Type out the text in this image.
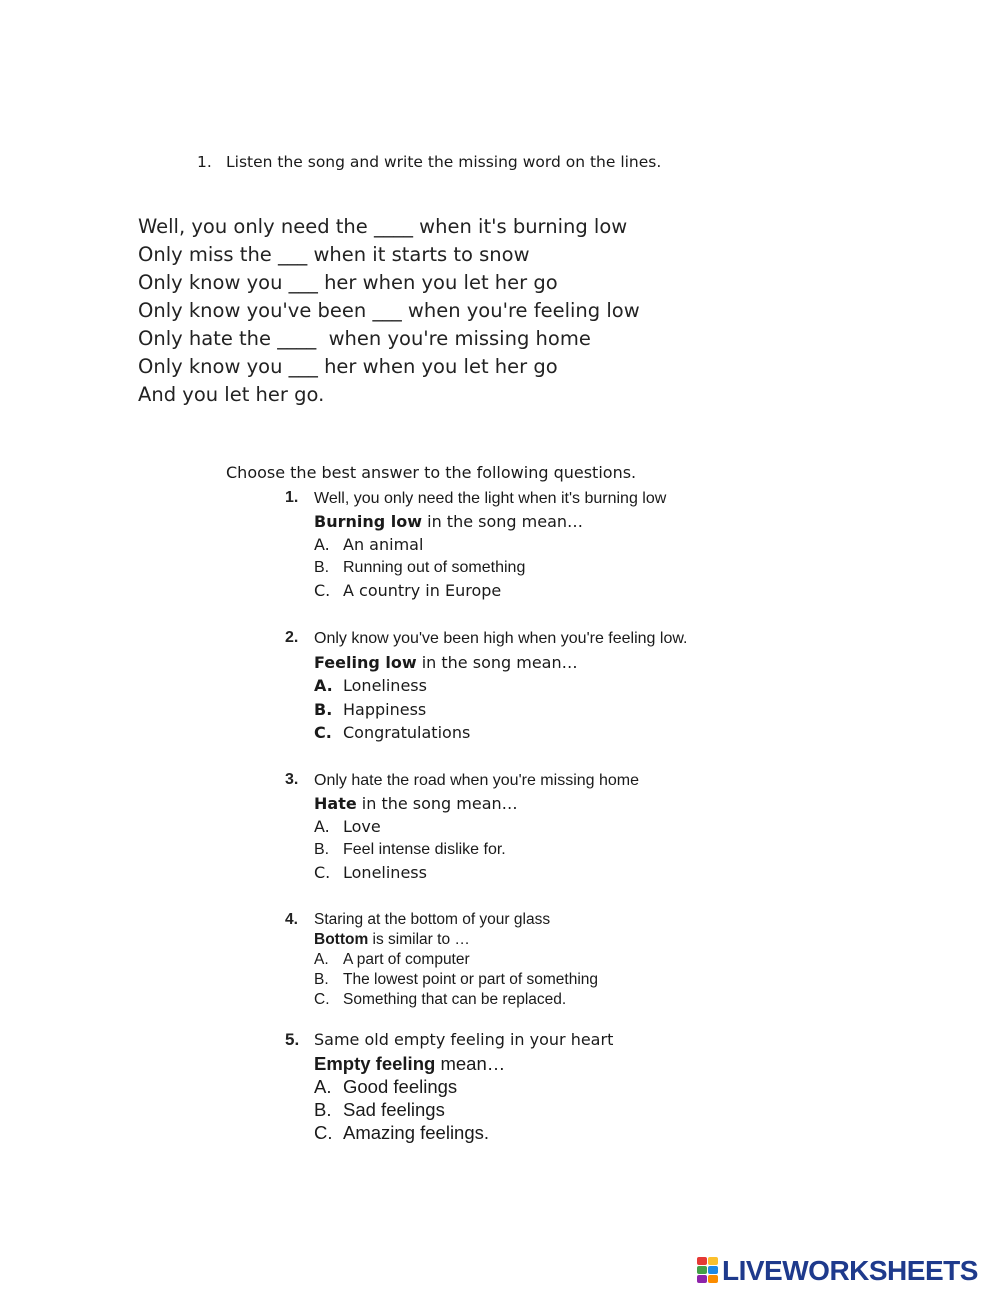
1. Listen the song and write the missing word on the lines.
Well, you only need the ____ when it's burning low
Only miss the ___ when it starts to snow
Only know you ___ her when you let her go
Only know you've been ___ when you're feeling low
Only hate the ____  when you're missing home
Only know you ___ her when you let her go
And you let her go.
Choose the best answer to the following questions.
1. Well, you only need the light when it's burning low
Burning low in the song mean…
A. An animal
B. Running out of something
C. A country in Europe
2. Only know you've been high when you're feeling low.
Feeling low in the song mean…
A. Loneliness
B. Happiness
C. Congratulations
3. Only hate the road when you're missing home
Hate in the song mean…
A. Love
B. Feel intense dislike for.
C. Loneliness
4. Staring at the bottom of your glass
Bottom is similar to …
A. A part of computer
B. The lowest point or part of something
C. Something that can be replaced.
5. Same old empty feeling in your heart
Empty feeling mean…
A. Good feelings
B. Sad feelings
C. Amazing feelings.
LIVEWORKSHEETS
